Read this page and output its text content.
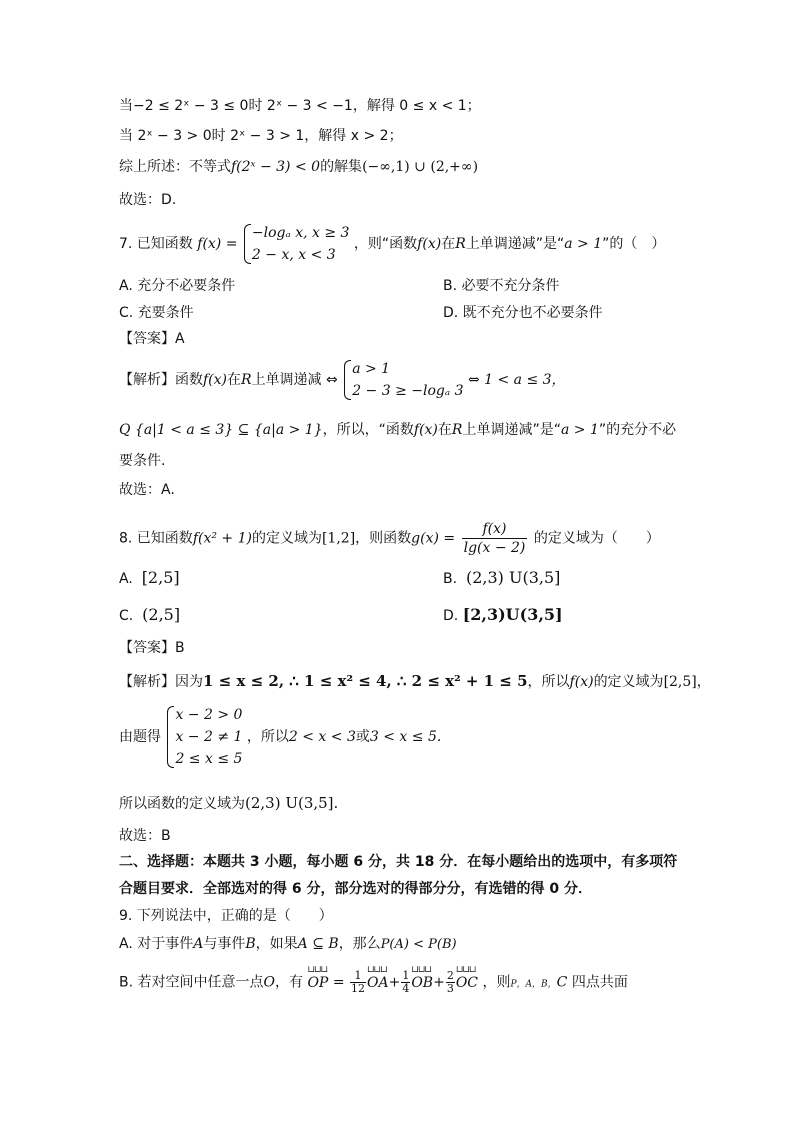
当−2 ≤ 2ˣ − 3 ≤ 0时 2ˣ − 3 < −1，解得 0 ≤ x < 1；
当 2ˣ − 3 > 0时 2ˣ − 3 > 1，解得 x > 2；
综上所述：不等式f(2ˣ − 3) < 0的解集(−∞,1) ∪ (2,+∞)
故选：D.
7. 已知函数 f(x) =
−logₐ x, x ≥ 3
2 − x, x < 3
，则“函数f(x)在R上单调递减”是“a > 1”的（　）
A. 充分不必要条件	B. 必要不充分条件
C. 充要条件	D. 既不充分也不必要条件
【答案】A
【解析】函数f(x)在R上单调递减 ⇔
a > 1
2 − 3 ≥ −logₐ 3
⇔ 1 < a ≤ 3，
Q {a|1 < a ≤ 3} ⊆ {a|a > 1}，所以，“函数f(x)在R上单调递减”是“a > 1”的充分不必
要条件.
故选：A.
8. 已知函数f(x² + 1)的定义域为[1,2]，则函数$g(x) = \frac{f(x)}{\lg(x - 2)}$ 的定义域为（　　）
A. [2,5]	B. (2,3) U(3,5]
C. (2,5]	D. [2,3)U(3,5]
【答案】B
【解析】因为1 ≤ x ≤ 2, ∴ 1 ≤ x² ≤ 4, ∴ 2 ≤ x² + 1 ≤ 5，所以f(x)的定义域为[2,5]，
由题得
x − 2 > 0
x − 2 ≠ 1
2 ≤ x ≤ 5
，所以2 < x < 3或3 < x ≤ 5.
所以函数的定义域为(2,3) U(3,5].
故选：B
二、选择题：本题共 3 小题，每小题 6 分，共 18 分．在每小题给出的选项中，有多项符
合题目要求．全部选对的得 6 分，部分选对的得部分分，有选错的得 0 分．
9. 下列说法中，正确的是（　　）
A. 对于事件A与事件B，如果A ⊆ B，那么P(A) < P(B)
B. 若对空间中任意一点O，有 ⊔⊔⊔ OP = $\frac{1}{12}$ ⊔⊔⊔ $OA+ \frac{1}{4}$ ⊔⊔⊔ $OB+ \frac{2}{3}$ ⊔⊔⊔ OC ，则P，A，B，C 四点共面
